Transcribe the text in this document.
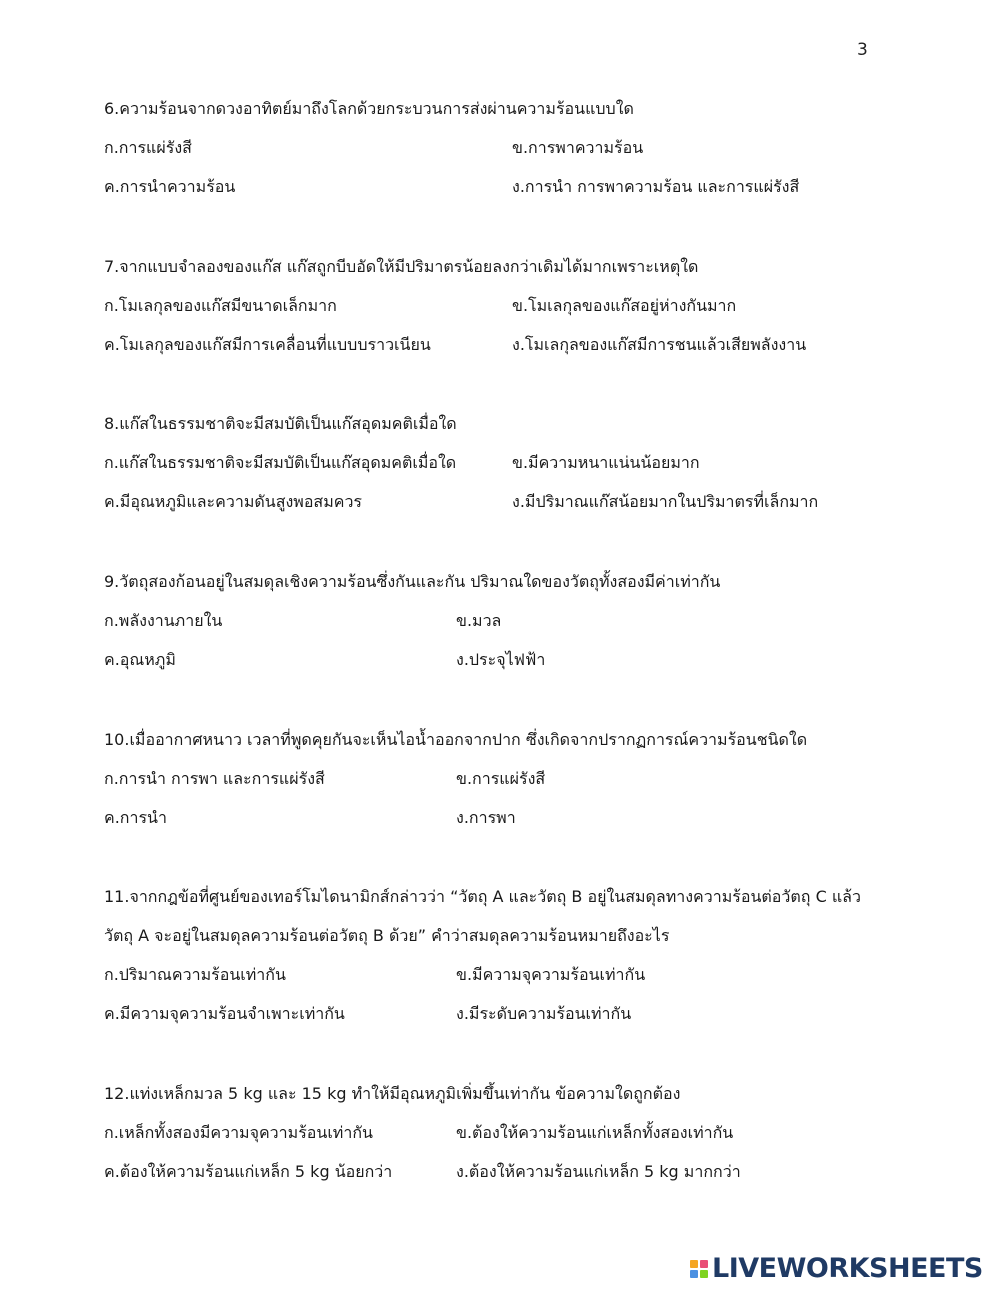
3
6.ความร้อนจากดวงอาทิตย์มาถึงโลกด้วยกระบวนการส่งผ่านความร้อนแบบใด
ก.การแผ่รังสี	ข.การพาความร้อน
ค.การนำความร้อน	ง.การนำ การพาความร้อน และการแผ่รังสี
7.จากแบบจำลองของแก๊ส แก๊สถูกบีบอัดให้มีปริมาตรน้อยลงกว่าเดิมได้มากเพราะเหตุใด
ก.โมเลกุลของแก๊สมีขนาดเล็กมาก	ข.โมเลกุลของแก๊สอยู่ห่างกันมาก
ค.โมเลกุลของแก๊สมีการเคลื่อนที่แบบบราวเนียน	ง.โมเลกุลของแก๊สมีการชนแล้วเสียพลังงาน
8.แก๊สในธรรมชาติจะมีสมบัติเป็นแก๊สอุดมคติเมื่อใด
ก.แก๊สในธรรมชาติจะมีสมบัติเป็นแก๊สอุดมคติเมื่อใด	ข.มีความหนาแน่นน้อยมาก
ค.มีอุณหภูมิและความดันสูงพอสมควร	ง.มีปริมาณแก๊สน้อยมากในปริมาตรที่เล็กมาก
9.วัตถุสองก้อนอยู่ในสมดุลเชิงความร้อนซึ่งกันและกัน ปริมาณใดของวัตถุทั้งสองมีค่าเท่ากัน
ก.พลังงานภายใน	ข.มวล
ค.อุณหภูมิ	ง.ประจุไฟฟ้า
10.เมื่ออากาศหนาว เวลาที่พูดคุยกันจะเห็นไอน้ำออกจากปาก ซึ่งเกิดจากปรากฏการณ์ความร้อนชนิดใด
ก.การนำ การพา และการแผ่รังสี	ข.การแผ่รังสี
ค.การนำ	ง.การพา
11.จากกฎข้อที่ศูนย์ของเทอร์โมไดนามิกส์กล่าวว่า “วัตถุ A และวัตถุ B อยู่ในสมดุลทางความร้อนต่อวัตถุ C แล้ว
วัตถุ A จะอยู่ในสมดุลความร้อนต่อวัตถุ B ด้วย” คำว่าสมดุลความร้อนหมายถึงอะไร
ก.ปริมาณความร้อนเท่ากัน	ข.มีความจุความร้อนเท่ากัน
ค.มีความจุความร้อนจำเพาะเท่ากัน	ง.มีระดับความร้อนเท่ากัน
12.แท่งเหล็กมวล 5 kg และ 15 kg ทำให้มีอุณหภูมิเพิ่มขึ้นเท่ากัน ข้อความใดถูกต้อง
ก.เหล็กทั้งสองมีความจุความร้อนเท่ากัน	ข.ต้องให้ความร้อนแก่เหล็กทั้งสองเท่ากัน
ค.ต้องให้ความร้อนแก่เหล็ก 5 kg น้อยกว่า	ง.ต้องให้ความร้อนแก่เหล็ก 5 kg มากกว่า
LIVEWORKSHEETS
